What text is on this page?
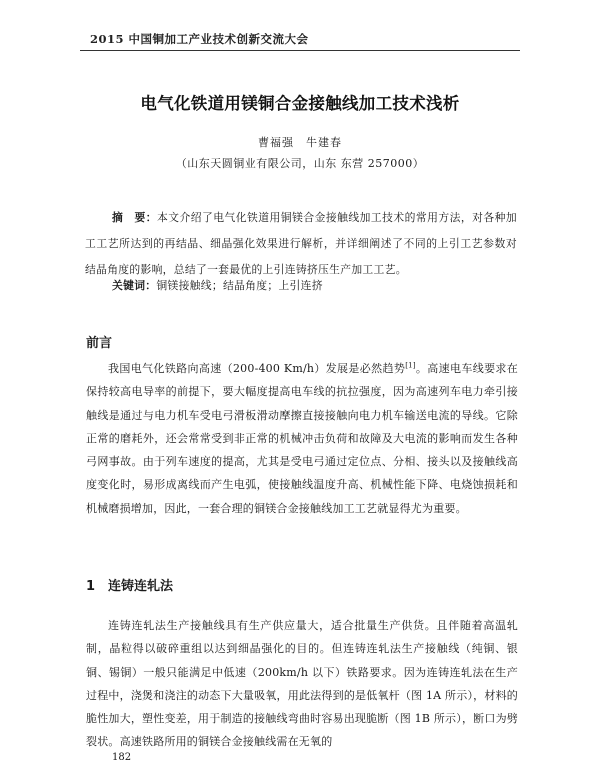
2015 中国铜加工产业技术创新交流大会
电气化铁道用镁铜合金接触线加工技术浅析
曹福强　牛建春
（山东天圆铜业有限公司，山东 东营 257000）
摘　要：本文介绍了电气化铁道用铜镁合金接触线加工技术的常用方法，对各种加工工艺所达到的再结晶、细晶强化效果进行解析，并详细阐述了不同的上引工艺参数对结晶角度的影响，总结了一套最优的上引连铸挤压生产加工工艺。
关键词：铜镁接触线；结晶角度；上引连挤
前言
我国电气化铁路向高速（200-400 Km/h）发展是必然趋势[1]。高速电车线要求在保持较高电导率的前提下，要大幅度提高电车线的抗拉强度，因为高速列车电力牵引接触线是通过与电力机车受电弓滑板滑动摩擦直接接触向电力机车输送电流的导线。它除正常的磨耗外，还会常常受到非正常的机械冲击负荷和故障及大电流的影响而发生各种弓网事故。由于列车速度的提高，尤其是受电弓通过定位点、分相、接头以及接触线高度变化时，易形成离线而产生电弧，使接触线温度升高、机械性能下降、电烧蚀损耗和机械磨损增加，因此，一套合理的铜镁合金接触线加工工艺就显得尤为重要。
1　连铸连轧法
连铸连轧法生产接触线具有生产供应量大，适合批量生产供货。且伴随着高温轧制，晶粒得以破碎重组以达到细晶强化的目的。但连铸连轧法生产接触线（纯铜、银铜、锡铜）一般只能满足中低速（200km/h 以下）铁路要求。因为连铸连轧法在生产过程中，浇煲和浇注的动态下大量吸氧，用此法得到的是低氧杆（图 1A 所示），材料的脆性加大，塑性变差，用于制造的接触线弯曲时容易出现脆断（图 1B 所示），断口为劈裂状。高速铁路所用的铜镁合金接触线需在无氧的
182
